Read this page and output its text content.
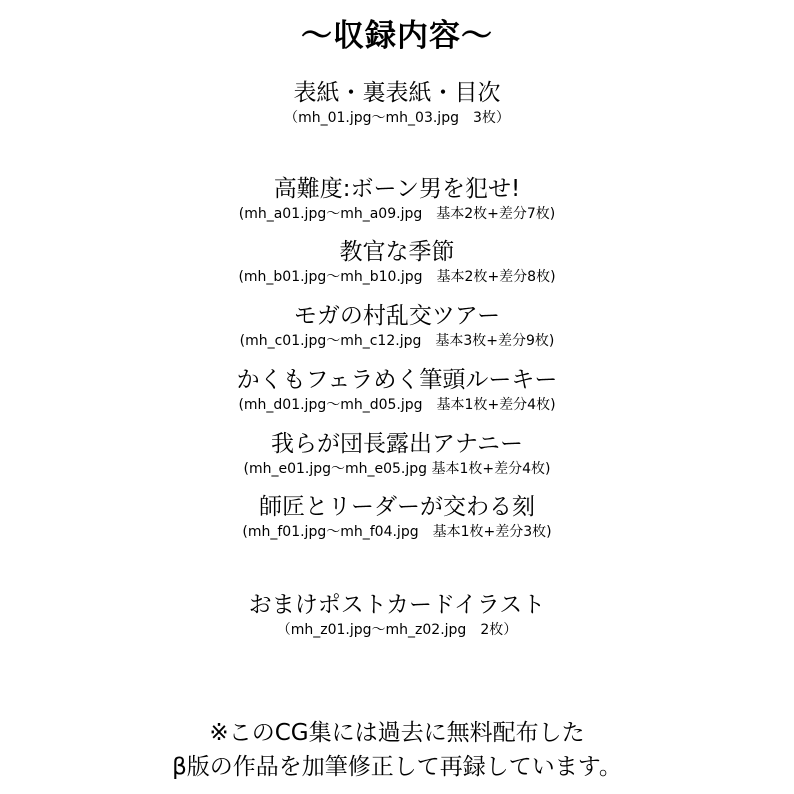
～収録内容～
表紙・裏表紙・目次
（mh_01.jpg～mh_03.jpg　3枚）
高難度:ボーン男を犯せ!
(mh_a01.jpg～mh_a09.jpg　基本2枚+差分7枚)
教官な季節
(mh_b01.jpg～mh_b10.jpg　基本2枚+差分8枚)
モガの村乱交ツアー
(mh_c01.jpg～mh_c12.jpg　基本3枚+差分9枚)
かくもフェラめく筆頭ルーキー
(mh_d01.jpg～mh_d05.jpg　基本1枚+差分4枚)
我らが団長露出アナニー
(mh_e01.jpg～mh_e05.jpg 基本1枚+差分4枚)
師匠とリーダーが交わる刻
(mh_f01.jpg～mh_f04.jpg　基本1枚+差分3枚)
おまけポストカードイラスト
（mh_z01.jpg～mh_z02.jpg　2枚）
※このCG集には過去に無料配布した
β版の作品を加筆修正して再録しています。
